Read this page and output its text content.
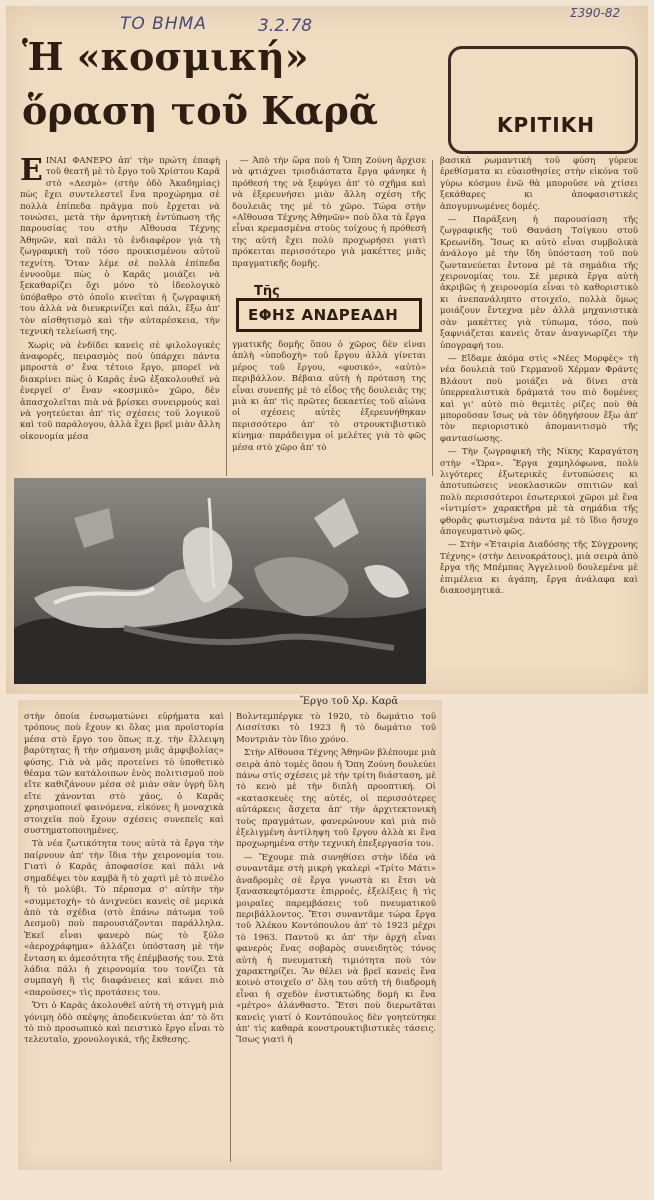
ΤΟ ΒΗΜΑ	3.2.78
Σ390-82
Ἡ «κοσμική»
ὅραση τοῦ Καρᾶ	ΚΡΙΤΙΚΗ
Τῆς
ΕΦΗΣ ΑΝΔΡΕΑΔΗ

ΕΙΝΑΙ ΦΑΝΕΡΟ ἀπ' τὴν πρώτη ἐπαφὴ τοῦ θεατῆ μὲ τὸ ἔργο τοῦ Χρίστου Καρᾶ στὸ «Δεσμὸ» (στὴν ὁδὸ Ἀκαδημίας) πὼς ἔχει συντελεστεῖ ἕνα προχώρημα σὲ πολλὰ ἐπίπεδα πρᾶγμα ποὺ ἔρχεται νὰ τονώσει, μετὰ τὴν ἀρνητικὴ ἐντύπωση τῆς παρουσίας του στὴν Αἴθουσα Τέχνης Ἀθηνῶν, καὶ πάλι τὸ ἐνδιαφέρον γιὰ τὴ ζωγραφικὴ τοῦ τόσο προικισμένου αὐτοῦ τεχνίτη. Ὅταν λέμε σὲ πολλὰ ἐπίπεδα ἐννοοῦμε πὼς ὁ Καρᾶς μοιάζει νὰ ξεκαθαρίζει ὄχι μόνο τὸ ἰδεολογικὸ ὑπόβαθρο στὸ ὁποῖο κινεῖται ἡ ζωγραφική του ἀλλὰ νὰ διευκρινίζει καὶ πάλι, ἔξω ἀπ' τὸν αἰσθητισμὸ καὶ τὴν αὐταρέσκεια, τὴν τεχνικὴ τελείωσή της.

Χωρὶς νὰ ἐνδίδει κανεὶς σὲ φιλολογικὲς ἀναφορές, πειρασμὸς ποὺ ὑπάρχει πάντα μπροστὰ σ' ἕνα τέτοιο ἔργο, μπορεῖ νὰ διακρίνει πὼς ὁ Καρᾶς ἐνῶ ἐξακολουθεῖ νὰ ἐνεργεῖ σ' ἕναν «κοσμικὸ» χῶρο, δὲν ἀπασχολεῖται πιὰ νὰ βρίσκει συνειρμοὺς καὶ νὰ γοητεύεται ἀπ' τὶς σχέσεις τοῦ λογικοῦ καὶ τοῦ παράλογου, ἀλλὰ ἔχει βρεῖ μιὰν ἄλλη οἰκονομία μέσα

— Ἀπὸ τὴν ὥρα ποὺ ἡ Ὄπη Ζούνη ἄρχισε νὰ φτιάχνει τρισδιάστατα ἔργα φάνηκε ἡ πρόθεσή της νὰ ξεφύγει ἀπ' τὸ σχῆμα καὶ νὰ ἐξερευνήσει μιὰν ἄλλη σχέση τῆς δουλειᾶς της μὲ τὸ χῶρο. Τώρα στὴν «Αἴθουσα Τέχνης Ἀθηνῶν» ποὺ ὅλα τὰ ἔργα εἶναι κρεμασμένα στοὺς τοίχους ἡ πρόθεσή της αὐτὴ ἔχει πολὺ προχωρήσει γιατὶ πρόκειται περισσότερο γιὰ μακέττες μιᾶς πραγματικῆς δομῆς.

γματικῆς δομῆς ὅπου ὁ χῶρος δὲν εἶναι ἁπλὴ «ὑποδοχὴ» τοῦ ἔργου ἀλλὰ γίνεται μέρος τοῦ ἔργου, «φυσικό», «αὐτὸ» περιβάλλον. Βέβαια αὐτὴ ἡ πρόταση της εἶναι συνεπὴς μὲ τὸ εἶδος τῆς δουλειᾶς της μιὰ κι ἀπ' τὶς πρῶτες δεκαετίες τοῦ αἰώνα οἱ σχέσεις αὐτὲς ἐξερευνήθηκαν περισσότερο ἀπ' τὸ στρουκτιβιστικὸ κίνημα· παράδειγμα οἱ μελέτες γιὰ τὸ φῶς μέσα στὸ χῶρο ἀπ' τὸ

βασικὰ ρωμαντικὴ τοῦ φύση γύρευε ἐρεθίσματα κι εὐαισθησίες στὴν εἰκόνα τοῦ γύρω κόσμου ἐνῶ θὰ μποροῦσε νὰ χτίσει ξεκάθαρες κι ἀποφασιστικὲς ἀπογυμνωμένες δομές.

— Παράξενη ἡ παρουσίαση τῆς ζωγραφικῆς τοῦ Θανάση Τσίγκου στοῦ Κρεωνίδη. Ἴσως κι αὐτὸ εἶναι συμβολικὰ ἀνάλογο μὲ τὴν ἴδη ὑπόσταση τοῦ ποὺ ζωντανεύεται ἔντονα μὲ τὰ σημάδια τῆς χειρονομίας του. Σὲ μερικὰ ἔργα αὐτὴ ἀκριβῶς ἡ χειρονομία εἶναι τὸ καθοριστικὸ κι ἀνεπανάληπτο στοιχεῖο, πολλὰ ὅμως μοιάζουν ἔντεχνα μὲν ἀλλὰ μηχανιστικὰ σὰν μακέττες γιὰ τύπωμα, τόσο, ποὺ ξαφνιάζεται κανεὶς ὅταν ἀναγνωρίζει τὴν ὑπογραφή του.

— Εἴδαμε ἀκόμα στὶς «Νέες Μορφὲς» τὴ νέα δουλειὰ τοῦ Γερμανοῦ Χέρμαν Φράντς Βλάουτ ποὺ μοιάζει νὰ δίνει στὰ ὑπερρεαλιστικὰ δράματά του πιὸ δομένες καὶ γι' αὐτὸ πιὸ θεμιτὲς ρίζες ποὺ θὰ μποροῦσαν ἴσως νὰ τὸν ὁδηγήσουν ἔξω ἀπ' τὸν περιοριστικὸ ἀπομανιτισμὸ τῆς φαντασίωσης.

— Τὴν ζωγραφικὴ τῆς Νίκης Καραγάτση στὴν «Ὥρα». Ἔργα χαμηλόφωνα, πολὺ λιγότερες ἐξωτερικὲς ἐντυπώσεις κι ἀποτυπώσεις νεοκλασικῶν σπιτιῶν καὶ πολὺ περισσότεροι ἐσωτερικοὶ χῶροι μὲ ἕνα «ἰντιμίστ» χαρακτῆρα μὲ τὰ σημάδια τῆς φθορᾶς φωτισμένα πάντα μὲ τὸ ἴδιο ἥσυχο ἀπογευματινὸ φῶς.

— Στὴν «Ἑταιρία Διαδόσης τῆς Σύγχρονης Τέχνης» (στὴν Δεινοκράτους), μιὰ σειρὰ ἀπὸ ἔργα τῆς Μπέμπας Ἀγγελινοῦ δουλεμένα μὲ ἐπιμέλεια κι ἀγάπη, ἔργα ἀνάλαφα καὶ διακοσμητικά.

Ἔργο τοῦ Χρ. Καρᾶ

στὴν ὁποία ἐνσωματώνει εὑρήματα καὶ τρόπους ποὺ ἔχουν κι ὅλας μια προϊστορία μέσα στὸ ἔργο του ὅπως π.χ. τὴν ἔλλειψη βαρύτητας ἢ τὴν σήμανση μιᾶς ἀμφιβολίας» φύσης. Γιὰ νὰ μᾶς προτείνει τὸ ὑποθετικὸ θέαμα τῶν κατάλοιπων ἑνὸς πολιτισμοῦ ποὺ εἴτε καθιζάνουν μέσα σὲ μιὰν σὰν ὑγρὴ ὕλη εἴτε χάνονται στὸ χάος, ὁ Καρᾶς χρησιμοποιεῖ φαινόμενα, εἰκόνες ἢ μοναχικὰ στοιχεῖα ποὺ ἔχουν σχέσεις συνεπεῖς καὶ συστηματοποιημένες.

Τὰ νέα ζωτικότητα τους αὐτὰ τὰ ἔργα τὴν παίρνουν ἀπ' τὴν ἴδια τὴν χειρονομία του. Γιατὶ ὁ Καρᾶς ἀποφασίσε καὶ πάλι νὰ σημαδέψει τὸν καμβὰ ἢ τὸ χαρτὶ μὲ τὸ πινέλο ἢ τὸ μολύβι. Τὸ πέρασμα σ' αὐτὴν τὴν «συμμετοχὴ» τὸ ἀνιχνεύει κανεὶς σὲ μερικὰ ἀπὸ τὰ σχέδια (στὸ ἐπάνω πάτωμα τοῦ Δεσμοῦ) ποὺ παρουσιάζονται παράλληλα. Ἐκεῖ εἶναι φανερὸ πὼς τὸ ξύλο «ἀεροχράφημα» ἀλλάζει ὑπόσταση μὲ τὴν ἔνταση κι ἀμεσότητα τῆς ἐπέμβασής του. Στὰ λάδια πάλι ἡ χειρονομία του τονίζει τὰ συμπαγὴ ἢ τὶς διαφάνειες καὶ κάνει πιὸ «παρούσες» τὶς προτάσεις του.

Ὅτι ὁ Καρᾶς ἀκολουθεῖ αὐτὴ τὴ στιγμὴ μιὰ γόνιμη ὁδὸ σκέψης ἀποδεικνύεται ἀπ' τὸ ὅτι τὸ πιὸ προσωπικὸ καὶ πειστικὸ ἔργο εἶναι τὸ τελευταῖο, χρονολογικά, τῆς ἔκθεσης.

Βολντεμπέργκε τὸ 1920, τὸ δωμάτιο τοῦ Λισσίτσκι τὸ 1923 ἢ τὸ δωμάτιο τοῦ Μοντριὰν τὸν ἴδιο χρόνο.

Στὴν Αἴθουσα Τέχνης Ἀθηνῶν βλέπουμε μιὰ σειρὰ ἀπὸ τομὲς ὅπου ἡ Ὄπη Ζούνη δουλεύει πάνω στὶς σχέσεις μὲ τὴν τρίτη διάσταση, μὲ τὸ κενὸ μὲ τὴν διπλὴ προοπτική. Οἱ «κατασκευὲς της αὐτές, οἱ περισσότερες αὐτάρκεις ἄσχετα ἀπ' τὴν ἀρχιτεκτονικὴ τοὺς πραγμάτων, φανερώνουν καὶ μιὰ πιὸ ἐξελιγμένη ἀντίληψη τοῦ ἔργου ἀλλὰ κι ἕνα προχωρημένα στὴν τεχνικὴ ἐπεξεργασία του.

— Ἔχουμε πιὰ συνηθίσει στὴν ἰδέα νὰ συναντᾶμε στὴ μικρὴ γκαλερὶ «Τρίτο Μάτι» ἀναδρομὲς σὲ ἔργα γνωστὰ κι ἔτσι νὰ ξανασκεφτόμαστε ἐπιρροές, ἐξελίξεις ἢ τὶς μοιραῖες παρεμβάσεις τοῦ πνευματικοῦ περιβάλλοντος. Ἔτσι συναντᾶμε τώρα ἔργα τοῦ Ἀλέκου Κοντόπουλου ἀπ' τὸ 1923 μέχρι τὸ 1963. Παντοῦ κι ἀπ' τὴν ἀρχὴ εἶναι φανερὸς ἕνας σοβαρὸς συνειδητὸς τόνος αὐτὴ ἡ πνευματικὴ τιμιότητα ποὺ τὸν χαρακτηρίζει. Ἂν θέλει νὰ βρεῖ κανεὶς ἕνα κοινὸ στοιχεῖο σ' ὅλη του αὐτὴ τὴ διαδρομὴ εἶναι ἡ σχεδὸν ἐνστικτώδης δομὴ κι ἕνα «μέτρο» ἀλάνθαστο. Ἔτσι ποὺ διερωτᾶται κανεὶς γιατί ὁ Κοντόπουλος δὲν γοητεύτηκε ἀπ' τὶς καθαρὰ κονστρουκτιβιστικὲς τάσεις. Ἴσως γιατὶ ἡ
